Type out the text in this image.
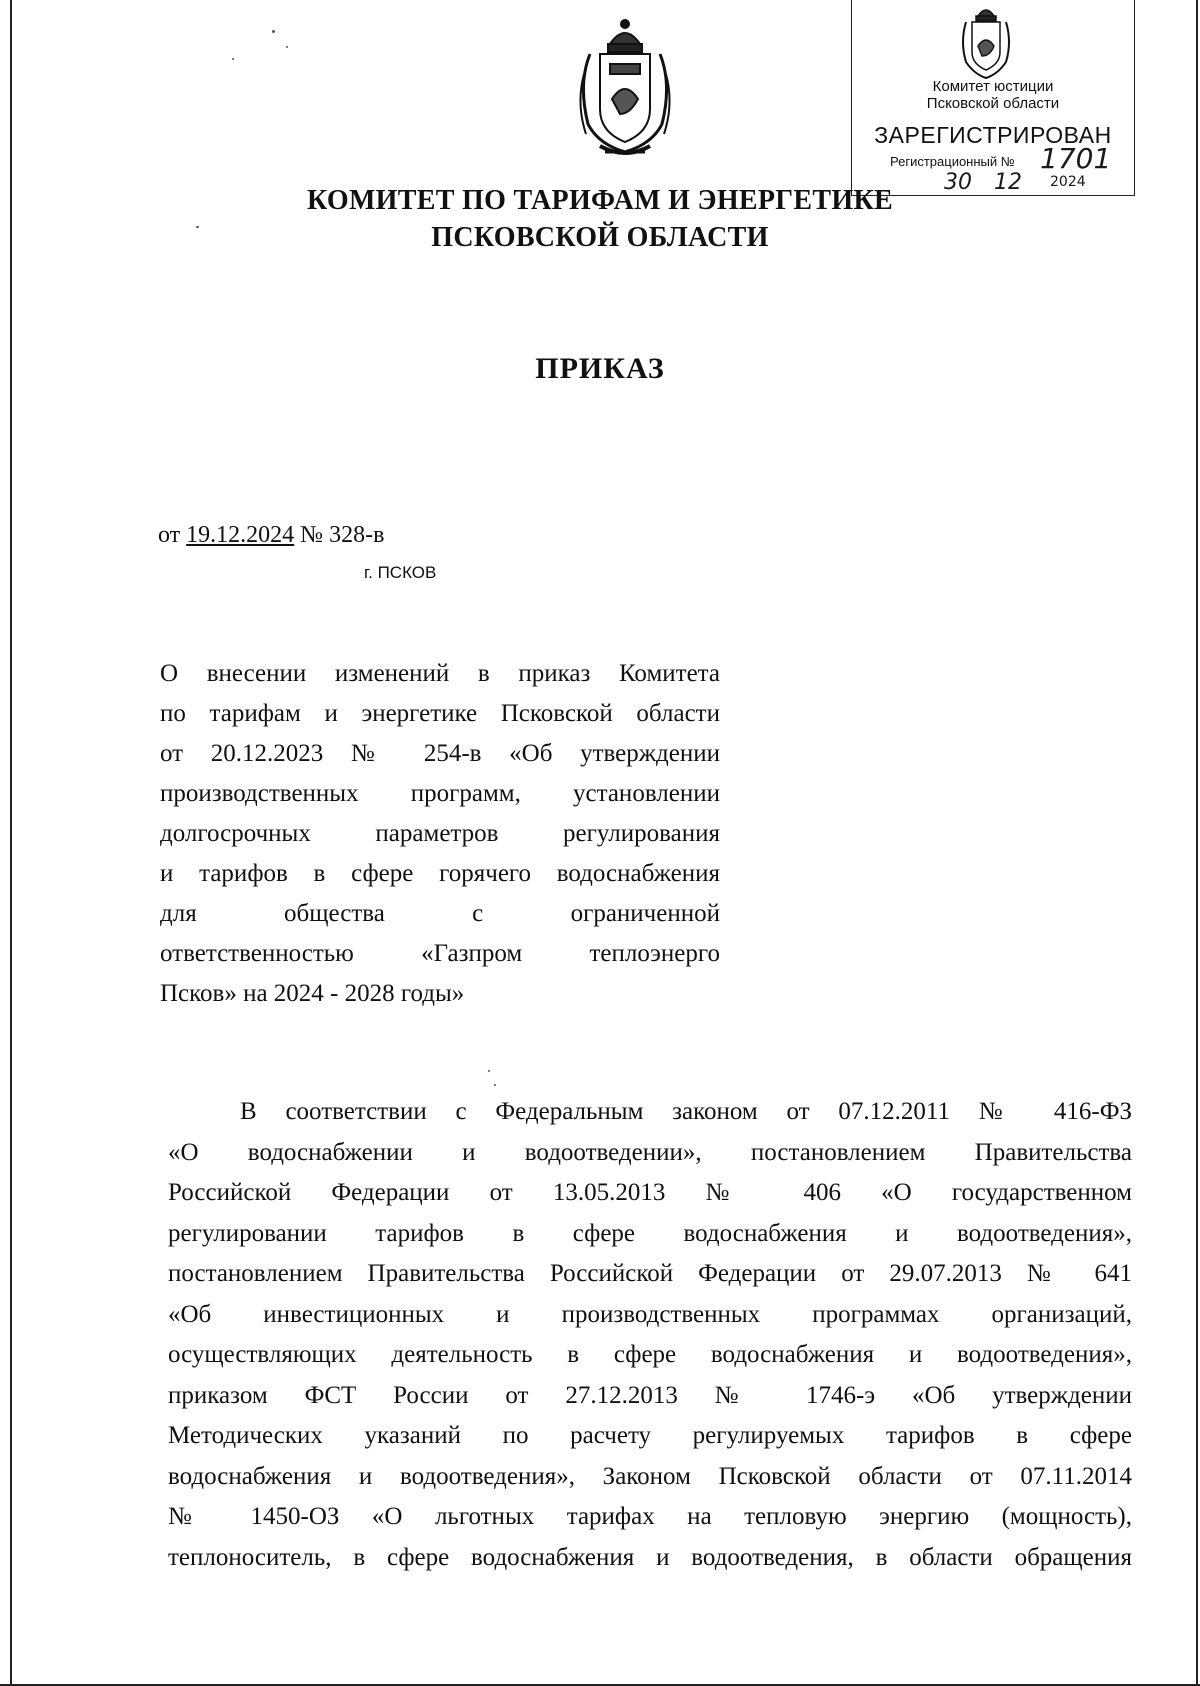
Комитет юстиции
Псковской области
ЗАРЕГИСТРИРОВАН
Регистрационный № 1701
30 12 2024
КОМИТЕТ ПО ТАРИФАМ И ЭНЕРГЕТИКЕ
ПСКОВСКОЙ ОБЛАСТИ
ПРИКАЗ
от 19.12.2024 № 328-в
г. ПСКОВ
О внесении изменений в приказ Комитета
по тарифам и энергетике Псковской области
от 20.12.2023 № 254-в «Об утверждении
производственных программ, установлении
долгосрочных параметров регулирования
и тарифов в сфере горячего водоснабжения
для общества с ограниченной
ответственностью «Газпром теплоэнерго
Псков» на 2024 - 2028 годы»
В соответствии с Федеральным законом от 07.12.2011 № 416-ФЗ
«О водоснабжении и водоотведении», постановлением Правительства
Российской Федерации от 13.05.2013 № 406 «О государственном
регулировании тарифов в сфере водоснабжения и водоотведения»,
постановлением Правительства Российской Федерации от 29.07.2013 № 641
«Об инвестиционных и производственных программах организаций,
осуществляющих деятельность в сфере водоснабжения и водоотведения»,
приказом ФСТ России от 27.12.2013 № 1746-э «Об утверждении
Методических указаний по расчету регулируемых тарифов в сфере
водоснабжения и водоотведения», Законом Псковской области от 07.11.2014
№ 1450-ОЗ «О льготных тарифах на тепловую энергию (мощность),
теплоноситель, в сфере водоснабжения и водоотведения, в области обращения
